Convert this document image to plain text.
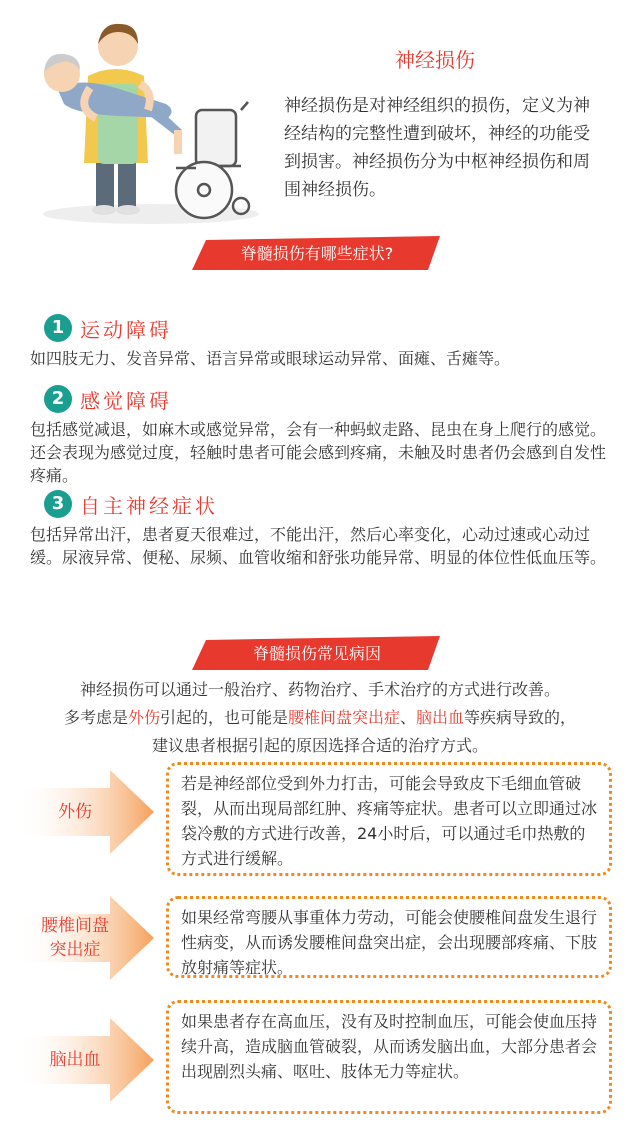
神经损伤
神经损伤是对神经组织的损伤，定义为神经结构的完整性遭到破坏，神经的功能受到损害。神经损伤分为中枢神经损伤和周围神经损伤。
脊髓损伤有哪些症状?
1 运动障碍
如四肢无力、发音异常、语言异常或眼球运动异常、面瘫、舌瘫等。
2 感觉障碍
包括感觉减退，如麻木或感觉异常，会有一种蚂蚁走路、昆虫在身上爬行的感觉。还会表现为感觉过度，轻触时患者可能会感到疼痛，未触及时患者仍会感到自发性疼痛。
3 自主神经症状
包括异常出汗，患者夏天很难过，不能出汗，然后心率变化，心动过速或心动过缓。尿液异常、便秘、尿频、血管收缩和舒张功能异常、明显的体位性低血压等。
脊髓损伤常见病因
神经损伤可以通过一般治疗、药物治疗、手术治疗的方式进行改善。
多考虑是外伤引起的，也可能是腰椎间盘突出症、脑出血等疾病导致的，
建议患者根据引起的原因选择合适的治疗方式。
外伤
若是神经部位受到外力打击，可能会导致皮下毛细血管破裂，从而出现局部红肿、疼痛等症状。患者可以立即通过冰袋冷敷的方式进行改善，24小时后，可以通过毛巾热敷的方式进行缓解。
腰椎间盘
突出症
如果经常弯腰从事重体力劳动，可能会使腰椎间盘发生退行性病变，从而诱发腰椎间盘突出症，会出现腰部疼痛、下肢放射痛等症状。
脑出血
如果患者存在高血压，没有及时控制血压，可能会使血压持续升高，造成脑血管破裂，从而诱发脑出血，大部分患者会出现剧烈头痛、呕吐、肢体无力等症状。
